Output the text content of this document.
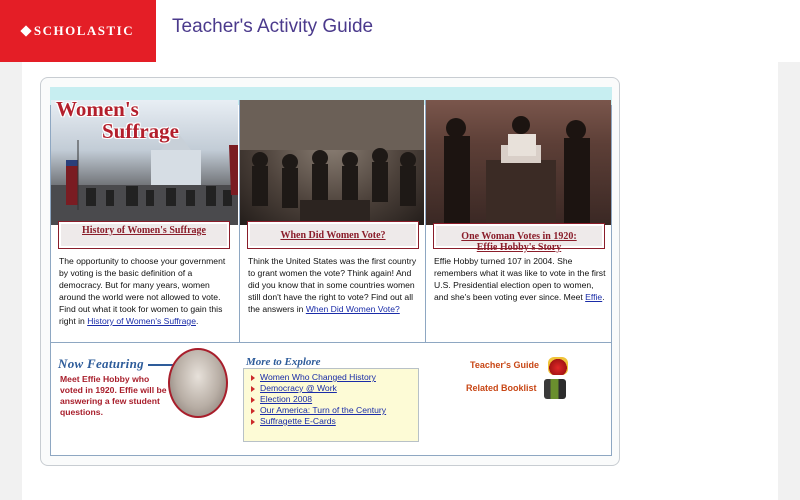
SCHOLASTIC Teacher's Activity Guide
Women's
Suffrage
History of Women's Suffrage
The opportunity to choose your government by voting is the basic definition of a democracy. But for many years, women around the world were not allowed to vote. Find out what it took for women to gain this right in History of Women's Suffrage.
When Did Women Vote?
Think the United States was the first country to grant women the vote? Think again! And did you know that in some countries women still don't have the right to vote? Find out all the answers in When Did Women Vote?
One Woman Votes in 1920:
Effie Hobby's Story
Effie Hobby turned 107 in 2004. She remembers what it was like to vote in the first U.S. Presidential election open to women, and she's been voting ever since. Meet Effie.
Now Featuring
Meet Effie Hobby who voted in 1920. Effie will be answering a few student questions.
More to Explore
Women Who Changed History
Democracy @ Work
Election 2008
Our America: Turn of the Century
Suffragette E-Cards
Teacher's Guide
Related Booklist
